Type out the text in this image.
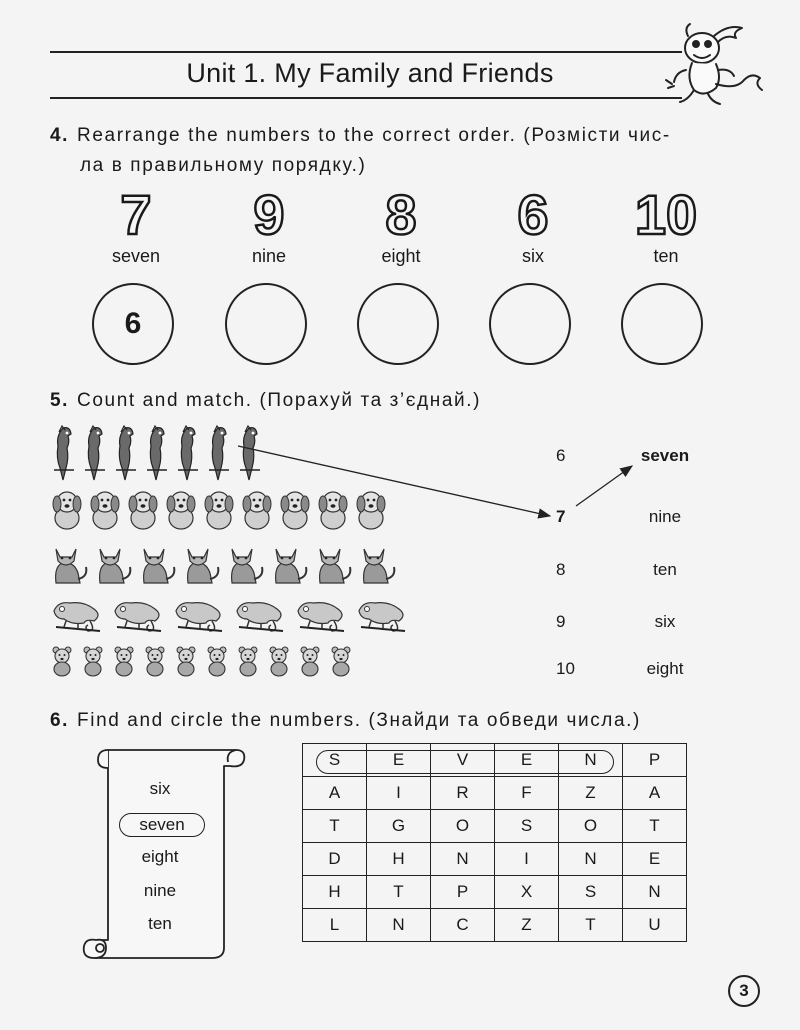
Unit 1. My Family and Friends
4. Rearrange the numbers to the correct order. (Розмісти чис-
ла в правильному порядку.)
7
seven
9
nine
8
eight
6
six
10
ten
6
5. Count and match. (Порахуй та з’єднай.)
6
7
8
9
10
seven
nine
ten
six
eight
6. Find and circle the numbers. (Знайди та обведи числа.)
six
seven
eight
nine
ten
S	E	V	E	N	P
A	I	R	F	Z	A
T	G	O	S	O	T
D	H	N	I	N	E
H	T	P	X	S	N
L	N	C	Z	T	U
3
